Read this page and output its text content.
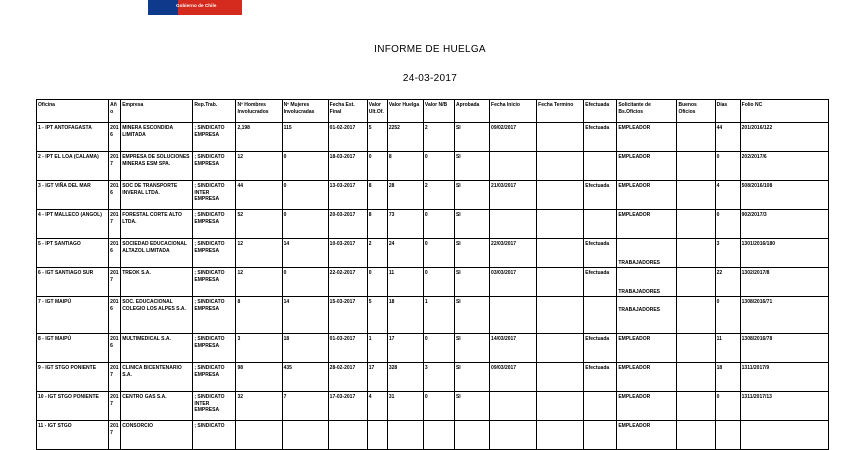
Gobierno de Chile
INFORME DE HUELGA
24-03-2017
Oficina	Año	Empresa	Rep.Trab.	Nº Hombres Involucrados	Nº Mujeres Involucradas	Fecha Est. Final	Valor Ult.Of.	Valor Huelga	Valor N/B	Aprobada	Fecha Inicio	Fecha Termino	Efectuada	Solicitante de Bs.Oficios	Buenos Oficios	Días	Folio NC
1 - IPT ANTOFAGASTA	2016	MINERA ESCONDIDA LIMITADA	; SINDICATO EMPRESA	2,198	115	01-02-2017	5	2252	2	SI	09/02/2017		Efectuada	EMPLEADOR		44	201/2016/122
2 - IPT EL LOA (CALAMA)	2017	EMPRESA DE SOLUCIONES MINERAS ESM SPA.	; SINDICATO EMPRESA	12	0	18-03-2017	0	8	0	SI				EMPLEADOR		0	202/2017/6
3 - IGT VIÑA DEL MAR	2016	SOC DE TRANSPORTE INVERAL LTDA.	; SINDICATO INTER EMPRESA	44	0	13-03-2017	8	28	2	SI	21/03/2017		Efectuada	EMPLEADOR		4	508/2016/108
4 - IPT MALLECO (ANGOL)	2017	FORESTAL CORTE ALTO LTDA.	; SINDICATO EMPRESA	52	0	20-03-2017	8	73	0	SI				EMPLEADOR		0	902/2017/3
5 - IPT SANTIAGO	2016	SOCIEDAD EDUCACIONAL ALTAZOL LIMITADA	; SINDICATO EMPRESA	12	14	10-03-2017	2	24	0	SI	22/03/2017		Efectuada	TRABAJADORES		3	1301/2016/180
6 - IGT SANTIAGO SUR	2017	TREOK S.A.	; SINDICATO EMPRESA	12	0	22-02-2017	0	11	0	SI	03/03/2017		Efectuada	TRABAJADORES		22	1302/2017/8
7 - IGT MAIPÚ	2016	SOC. EDUCACIONAL COLEGIO LOS ALPES S.A.	; SINDICATO EMPRESA	8	14	15-03-2017	5	18	1	SI				TRABAJADORES		0	1308/2016/71
8 - IGT MAIPÚ	2016	MULTIMEDICAL S.A.	; SINDICATO EMPRESA	3	18	01-03-2017	1	17	0	SI	14/03/2017		Efectuada	EMPLEADOR		11	1308/2016/78
9 - IGT STGO PONIENTE	2017	CLINICA BICENTENARIO S.A.	; SINDICATO EMPRESA	98	435	28-02-2017	17	328	3	SI	09/03/2017		Efectuada	EMPLEADOR		18	1311/2017/9
10 - IGT STGO PONIENTE	2017	CENTRO GAS S.A.	; SINDICATO INTER EMPRESA	32	7	17-03-2017	4	31	0	SI				EMPLEADOR		0	1311/2017/13
11 - IGT STGO	2017	CONSORCIO	; SINDICATO											EMPLEADOR			
